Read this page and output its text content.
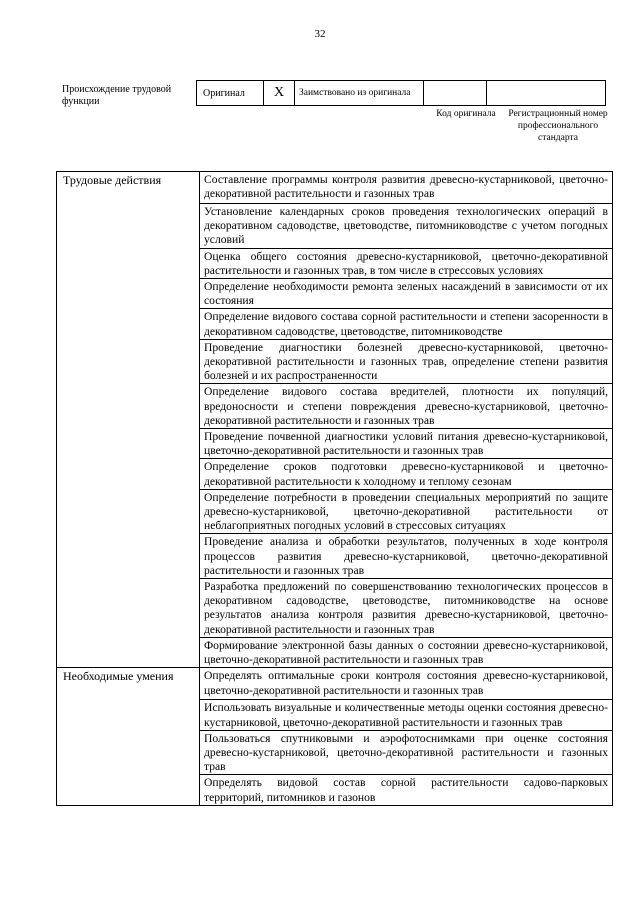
32
Происхождение трудовой функции
Оригинал	X	Заимствовано из оригинала		
Код оригинала Регистрационный номер профессионального стандарта
Трудовые действия	Составление программы контроля развития древесно-кустарниковой, цветочно-декоративной растительности и газонных трав
	Установление календарных сроков проведения технологических операций в декоративном садоводстве, цветоводстве, питомниководстве с учетом погодных условий
	Оценка общего состояния древесно-кустарниковой, цветочно-декоративной растительности и газонных трав, в том числе в стрессовых условиях
	Определение необходимости ремонта зеленых насаждений в зависимости от их состояния
	Определение видового состава сорной растительности и степени засоренности в декоративном садоводстве, цветоводстве, питомниководстве
	Проведение диагностики болезней древесно-кустарниковой, цветочно-декоративной растительности и газонных трав, определение степени развития болезней и их распространенности
	Определение видового состава вредителей, плотности их популяций, вредоносности и степени повреждения древесно-кустарниковой, цветочно-декоративной растительности и газонных трав
	Проведение почвенной диагностики условий питания древесно-кустарниковой, цветочно-декоративной растительности и газонных трав
	Определение сроков подготовки древесно-кустарниковой и цветочно-декоративной растительности к холодному и теплому сезонам
	Определение потребности в проведении специальных мероприятий по защите древесно-кустарниковой, цветочно-декоративной растительности от неблагоприятных погодных условий в стрессовых ситуациях
	Проведение анализа и обработки результатов, полученных в ходе контроля процессов развития древесно-кустарниковой, цветочно-декоративной растительности и газонных трав
	Разработка предложений по совершенствованию технологических процессов в декоративном садоводстве, цветоводстве, питомниководстве на основе результатов анализа контроля развития древесно-кустарниковой, цветочно-декоративной растительности и газонных трав
	Формирование электронной базы данных о состоянии древесно-кустарниковой, цветочно-декоративной растительности и газонных трав
Необходимые умения	Определять оптимальные сроки контроля состояния древесно-кустарниковой, цветочно-декоративной растительности и газонных трав
	Использовать визуальные и количественные методы оценки состояния древесно-кустарниковой, цветочно-декоративной растительности и газонных трав
	Пользоваться спутниковыми и аэрофотоснимками при оценке состояния древесно-кустарниковой, цветочно-декоративной растительности и газонных трав
	Определять видовой состав сорной растительности садово-парковых территорий, питомников и газонов
